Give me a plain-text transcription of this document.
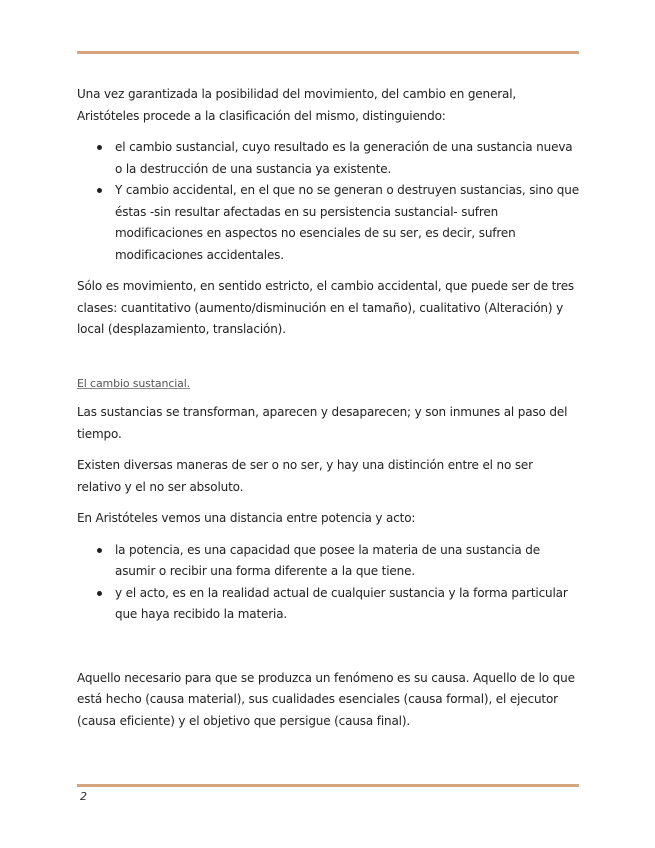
Una vez garantizada la posibilidad del movimiento, del cambio en general, Aristóteles procede a la clasificación del mismo, distinguiendo:

el cambio sustancial, cuyo resultado es la generación de una sustancia nueva o la destrucción de una sustancia ya existente.
Y cambio accidental, en el que no se generan o destruyen sustancias, sino que éstas -sin resultar afectadas en su persistencia sustancial- sufren modificaciones en aspectos no esenciales de su ser, es decir, sufren modificaciones accidentales.

Sólo es movimiento, en sentido estricto, el cambio accidental, que puede ser de tres clases: cuantitativo (aumento/disminución en el tamaño), cualitativo (Alteración) y local (desplazamiento, translación).

El cambio sustancial.

Las sustancias se transforman, aparecen y desaparecen; y son inmunes al paso del tiempo.

Existen diversas maneras de ser o no ser, y hay una distinción entre el no ser relativo y el no ser absoluto.

En Aristóteles vemos una distancia entre potencia y acto:

la potencia, es una capacidad que posee la materia de una sustancia de asumir o recibir una forma diferente a la que tiene.
y el acto, es en la realidad actual de cualquier sustancia y la forma particular que haya recibido la materia.

Aquello necesario para que se produzca un fenómeno es su causa. Aquello de lo que está hecho (causa material), sus cualidades esenciales (causa formal), el ejecutor (causa eficiente) y el objetivo que persigue (causa final).

2
